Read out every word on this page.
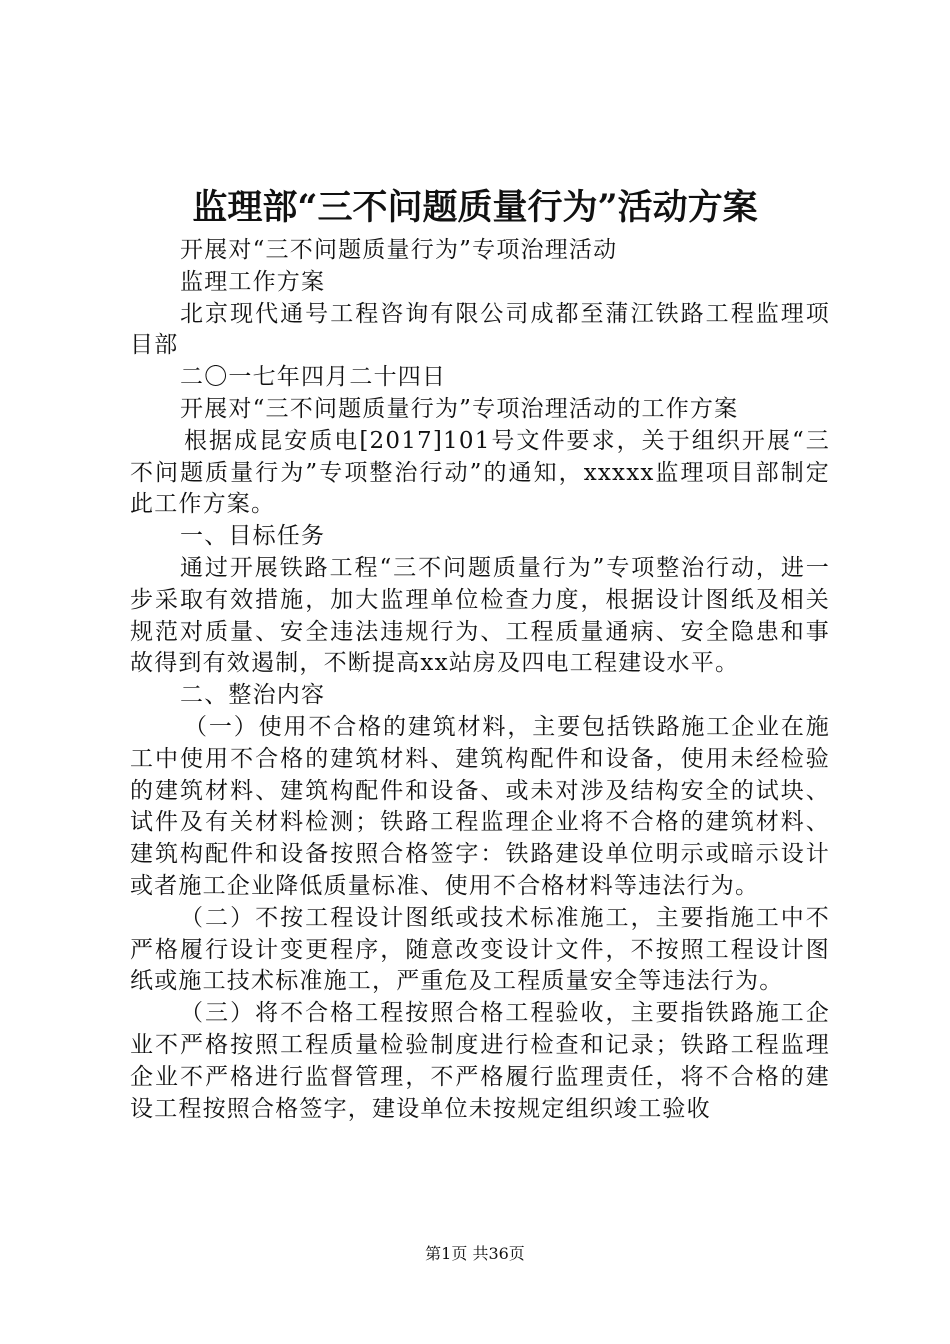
监理部“三不问题质量行为”活动方案

开展对“三不问题质量行为”专项治理活动

监理工作方案

北京现代通号工程咨询有限公司成都至蒲江铁路工程监理项目部

二〇一七年四月二十四日

开展对“三不问题质量行为”专项治理活动的工作方案

根据成昆安质电[2017]101号文件要求，关于组织开展“三不问题质量行为”专项整治行动”的通知，xxxxx监理项目部制定此工作方案。

一、目标任务

通过开展铁路工程“三不问题质量行为”专项整治行动，进一步采取有效措施，加大监理单位检查力度，根据设计图纸及相关规范对质量、安全违法违规行为、工程质量通病、安全隐患和事故得到有效遏制，不断提高xx站房及四电工程建设水平。

二、整治内容

（一）使用不合格的建筑材料，主要包括铁路施工企业在施工中使用不合格的建筑材料、建筑构配件和设备，使用未经检验的建筑材料、建筑构配件和设备、或未对涉及结构安全的试块、试件及有关材料检测；铁路工程监理企业将不合格的建筑材料、建筑构配件和设备按照合格签字：铁路建设单位明示或暗示设计或者施工企业降低质量标准、使用不合格材料等违法行为。

（二）不按工程设计图纸或技术标准施工，主要指施工中不严格履行设计变更程序，随意改变设计文件，不按照工程设计图纸或施工技术标准施工，严重危及工程质量安全等违法行为。

（三）将不合格工程按照合格工程验收，主要指铁路施工企业不严格按照工程质量检验制度进行检查和记录；铁路工程监理企业不严格进行监督管理，不严格履行监理责任，将不合格的建设工程按照合格签字，建设单位未按规定组织竣工验收

第1页 共36页
